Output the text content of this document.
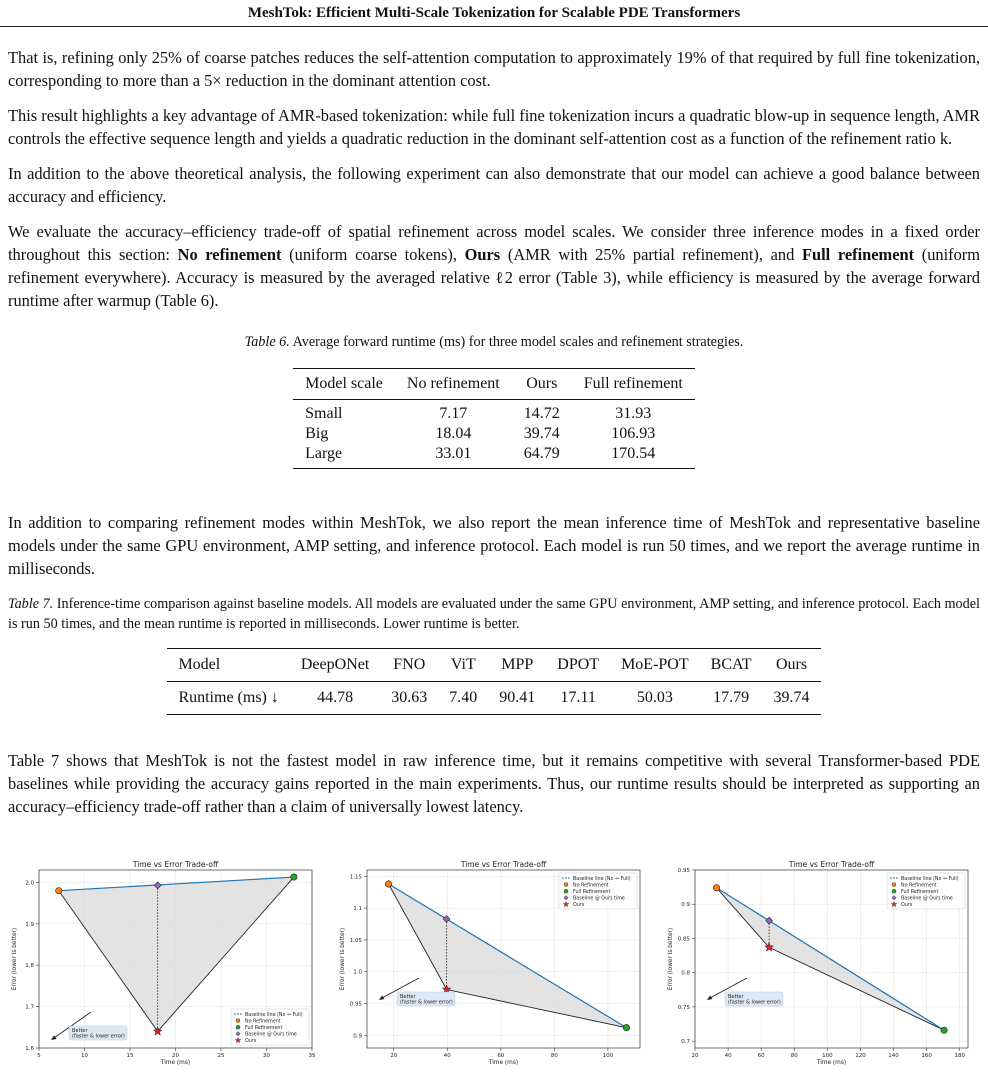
MeshTok: Efficient Multi-Scale Tokenization for Scalable PDE Transformers

That is, refining only 25% of coarse patches reduces the self-attention computation to approximately 19% of that required by full fine tokenization, corresponding to more than a 5× reduction in the dominant attention cost.

This result highlights a key advantage of AMR-based tokenization: while full fine tokenization incurs a quadratic blow-up in sequence length, AMR controls the effective sequence length and yields a quadratic reduction in the dominant self-attention cost as a function of the refinement ratio k.

In addition to the above theoretical analysis, the following experiment can also demonstrate that our model can achieve a good balance between accuracy and efficiency.

We evaluate the accuracy–efficiency trade-off of spatial refinement across model scales. We consider three inference modes in a fixed order throughout this section: No refinement (uniform coarse tokens), Ours (AMR with 25% partial refinement), and Full refinement (uniform refinement everywhere). Accuracy is measured by the averaged relative ℓ2 error (Table 3), while efficiency is measured by the average forward runtime after warmup (Table 6).

Table 6. Average forward runtime (ms) for three model scales and refinement strategies.

Model scale	No refinement	Ours	Full refinement
Small	7.17	14.72	31.93
Big	18.04	39.74	106.93
Large	33.01	64.79	170.54

In addition to comparing refinement modes within MeshTok, we also report the mean inference time of MeshTok and representative baseline models under the same GPU environment, AMP setting, and inference protocol. Each model is run 50 times, and we report the average runtime in milliseconds.

Table 7. Inference-time comparison against baseline models. All models are evaluated under the same GPU environment, AMP setting, and inference protocol. Each model is run 50 times, and the mean runtime is reported in milliseconds. Lower runtime is better.

Model	DeepONet	FNO	ViT	MPP	DPOT	MoE-POT	BCAT	Ours
Runtime (ms) ↓	44.78	30.63	7.40	90.41	17.11	50.03	17.79	39.74

Table 7 shows that MeshTok is not the fastest model in raw inference time, but it remains competitive with several Transformer-based PDE baselines while providing the accuracy gains reported in the main experiments. Thus, our runtime results should be interpreted as supporting an accuracy–efficiency trade-off rather than a claim of universally lowest latency.

Time vs Error Trade-off
5	10	15	20	25	30	35
1.6
1.7
1.8
1.9
2.0
Time (ms)
Error (lower is better)
Better
(faster & lower error)
Baseline line (No ↔ Full)
No Refinement
Full Refinement
Baseline @ Ours time
Ours
Time vs Error Trade-off
20	40	60	80	100
0.9
0.95
1.0
1.05
1.1
1.15
Time (ms)
Error (lower is better)
Better
(faster & lower error)
Baseline line (No ↔ Full)
No Refinement
Full Refinement
Baseline @ Ours time
Ours
Time vs Error Trade-off
20	40	60	80	100	120	140	160	180
0.7
0.75
0.8
0.85
0.9
0.95
Time (ms)
Error (lower is better)
Better
(faster & lower error)
Baseline line (No ↔ Full)
No Refinement
Full Refinement
Baseline @ Ours time
Ours
